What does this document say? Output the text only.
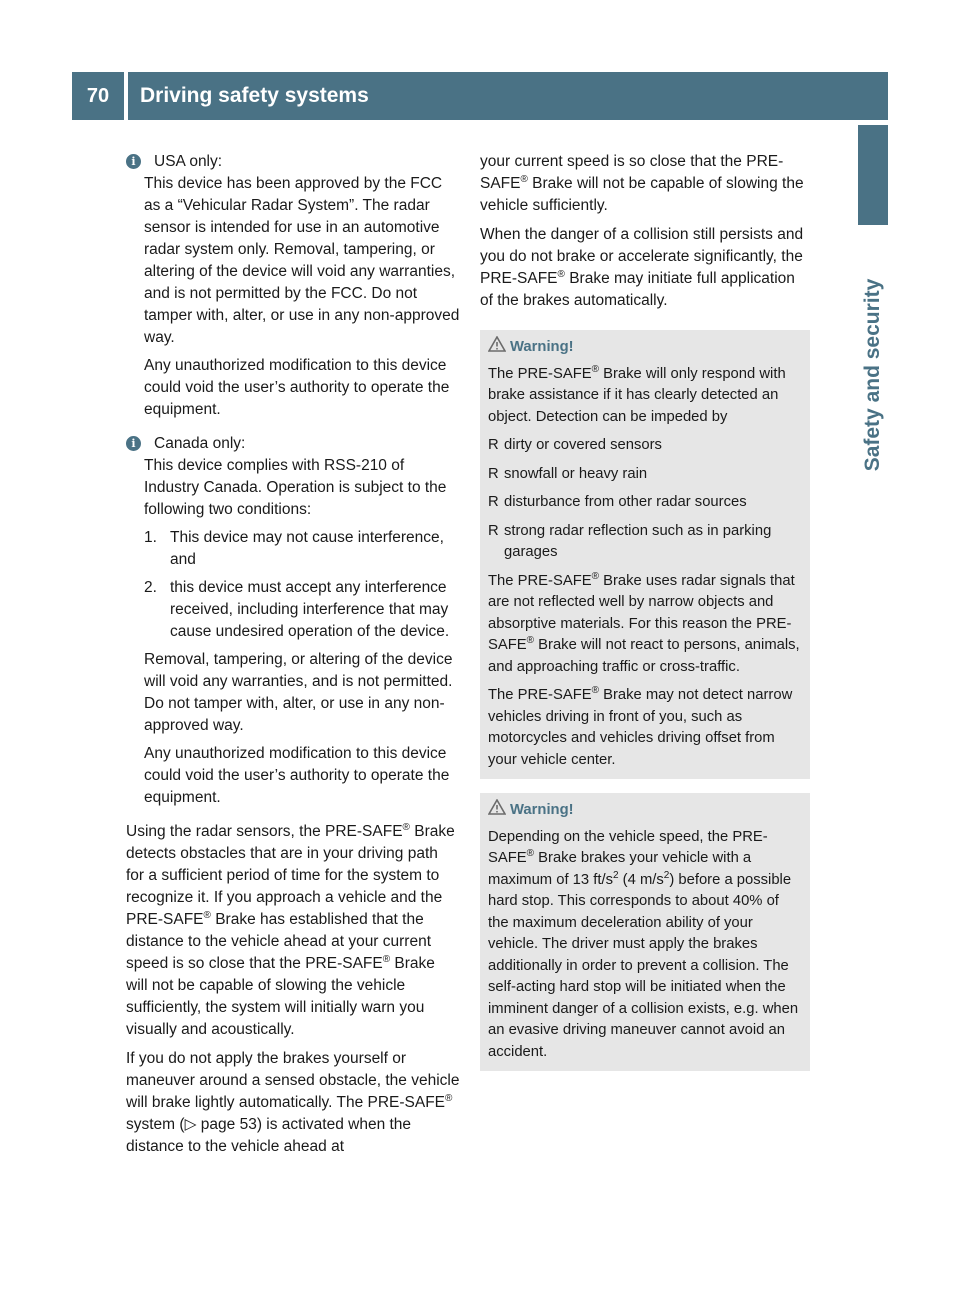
70	Driving safety systems
Safety and security
i	USA only:

This device has been approved by the FCC as a “Vehicular Radar System”. The radar sensor is intended for use in an automotive radar system only. Removal, tampering, or altering of the device will void any warranties, and is not permitted by the FCC. Do not tamper with, alter, or use in any non-approved way.

Any unauthorized modification to this device could void the user’s authority to operate the equipment.

i	Canada only:

This device complies with RSS-210 of Industry Canada. Operation is subject to the following two conditions:

1. This device may not cause interference, and
2. this device must accept any interference received, including interference that may cause undesired operation of the device.

Removal, tampering, or altering of the device will void any warranties, and is not permitted. Do not tamper with, alter, or use in any non-approved way.

Any unauthorized modification to this device could void the user’s authority to operate the equipment.

Using the radar sensors, the PRE-SAFE® Brake detects obstacles that are in your driving path for a sufficient period of time for the system to recognize it. If you approach a vehicle and the PRE-SAFE® Brake has established that the distance to the vehicle ahead at your current speed is so close that the PRE-SAFE® Brake will not be capable of slowing the vehicle sufficiently, the system will initially warn you visually and acoustically.

If you do not apply the brakes yourself or maneuver around a sensed obstacle, the vehicle will brake lightly automatically. The PRE-SAFE® system (▷ page 53) is activated when the distance to the vehicle ahead at

your current speed is so close that the PRE-SAFE® Brake will not be capable of slowing the vehicle sufficiently.

When the danger of a collision still persists and you do not brake or accelerate significantly, the PRE-SAFE® Brake may initiate full application of the brakes automatically.

Warning!

The PRE-SAFE® Brake will only respond with brake assistance if it has clearly detected an object. Detection can be impeded by

R dirty or covered sensors
R snowfall or heavy rain
R disturbance from other radar sources
R strong radar reflection such as in parking garages

The PRE-SAFE® Brake uses radar signals that are not reflected well by narrow objects and absorptive materials. For this reason the PRE-SAFE® Brake will not react to persons, animals, and approaching traffic or cross-traffic.

The PRE-SAFE® Brake may not detect narrow vehicles driving in front of you, such as motorcycles and vehicles driving offset from your vehicle center.

Warning!

Depending on the vehicle speed, the PRE-SAFE® Brake brakes your vehicle with a maximum of 13 $ft/s^2$ (4 $m/s^2$) before a possible hard stop. This corresponds to about 40% of the maximum deceleration ability of your vehicle. The driver must apply the brakes additionally in order to prevent a collision. The self-acting hard stop will be initiated when the imminent danger of a collision exists, e.g. when an evasive driving maneuver cannot avoid an accident.
